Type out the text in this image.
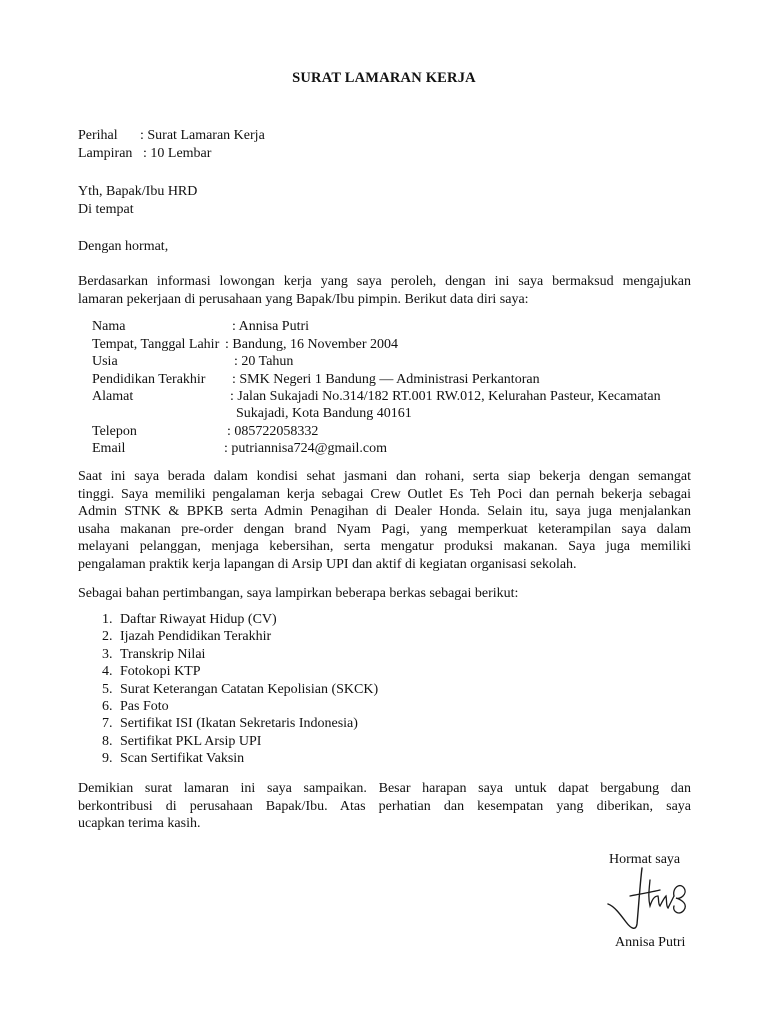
SURAT LAMARAN KERJA
Perihal : Surat Lamaran Kerja
Lampiran : 10 Lembar
Yth, Bapak/Ibu HRD
Di tempat
Dengan hormat,
Berdasarkan informasi lowongan kerja yang saya peroleh, dengan ini saya bermaksud mengajukan
lamaran pekerjaan di perusahaan yang Bapak/Ibu pimpin. Berikut data diri saya:
Nama	: Annisa Putri
Tempat, Tanggal Lahir : Bandung, 16 November 2004
Usia	: 20 Tahun
Pendidikan Terakhir : SMK Negeri 1 Bandung — Administrasi Perkantoran
Alamat	: Jalan Sukajadi No.314/182 RT.001 RW.012, Kelurahan Pasteur, Kecamatan
Sukajadi, Kota Bandung 40161
Telepon	: 085722058332
Email	: putriannisa724@gmail.com
Saat ini saya berada dalam kondisi sehat jasmani dan rohani, serta siap bekerja dengan semangat
tinggi. Saya memiliki pengalaman kerja sebagai Crew Outlet Es Teh Poci dan pernah bekerja sebagai
Admin STNK & BPKB serta Admin Penagihan di Dealer Honda. Selain itu, saya juga menjalankan
usaha makanan pre-order dengan brand Nyam Pagi, yang memperkuat keterampilan saya dalam
melayani pelanggan, menjaga kebersihan, serta mengatur produksi makanan. Saya juga memiliki
pengalaman praktik kerja lapangan di Arsip UPI dan aktif di kegiatan organisasi sekolah.
Sebagai bahan pertimbangan, saya lampirkan beberapa berkas sebagai berikut:
1. Daftar Riwayat Hidup (CV)
2. Ijazah Pendidikan Terakhir
3. Transkrip Nilai
4. Fotokopi KTP
5. Surat Keterangan Catatan Kepolisian (SKCK)
6. Pas Foto
7. Sertifikat ISI (Ikatan Sekretaris Indonesia)
8. Sertifikat PKL Arsip UPI
9. Scan Sertifikat Vaksin
Demikian surat lamaran ini saya sampaikan. Besar harapan saya untuk dapat bergabung dan
berkontribusi di perusahaan Bapak/Ibu. Atas perhatian dan kesempatan yang diberikan, saya
ucapkan terima kasih.
Hormat saya
Annisa Putri
